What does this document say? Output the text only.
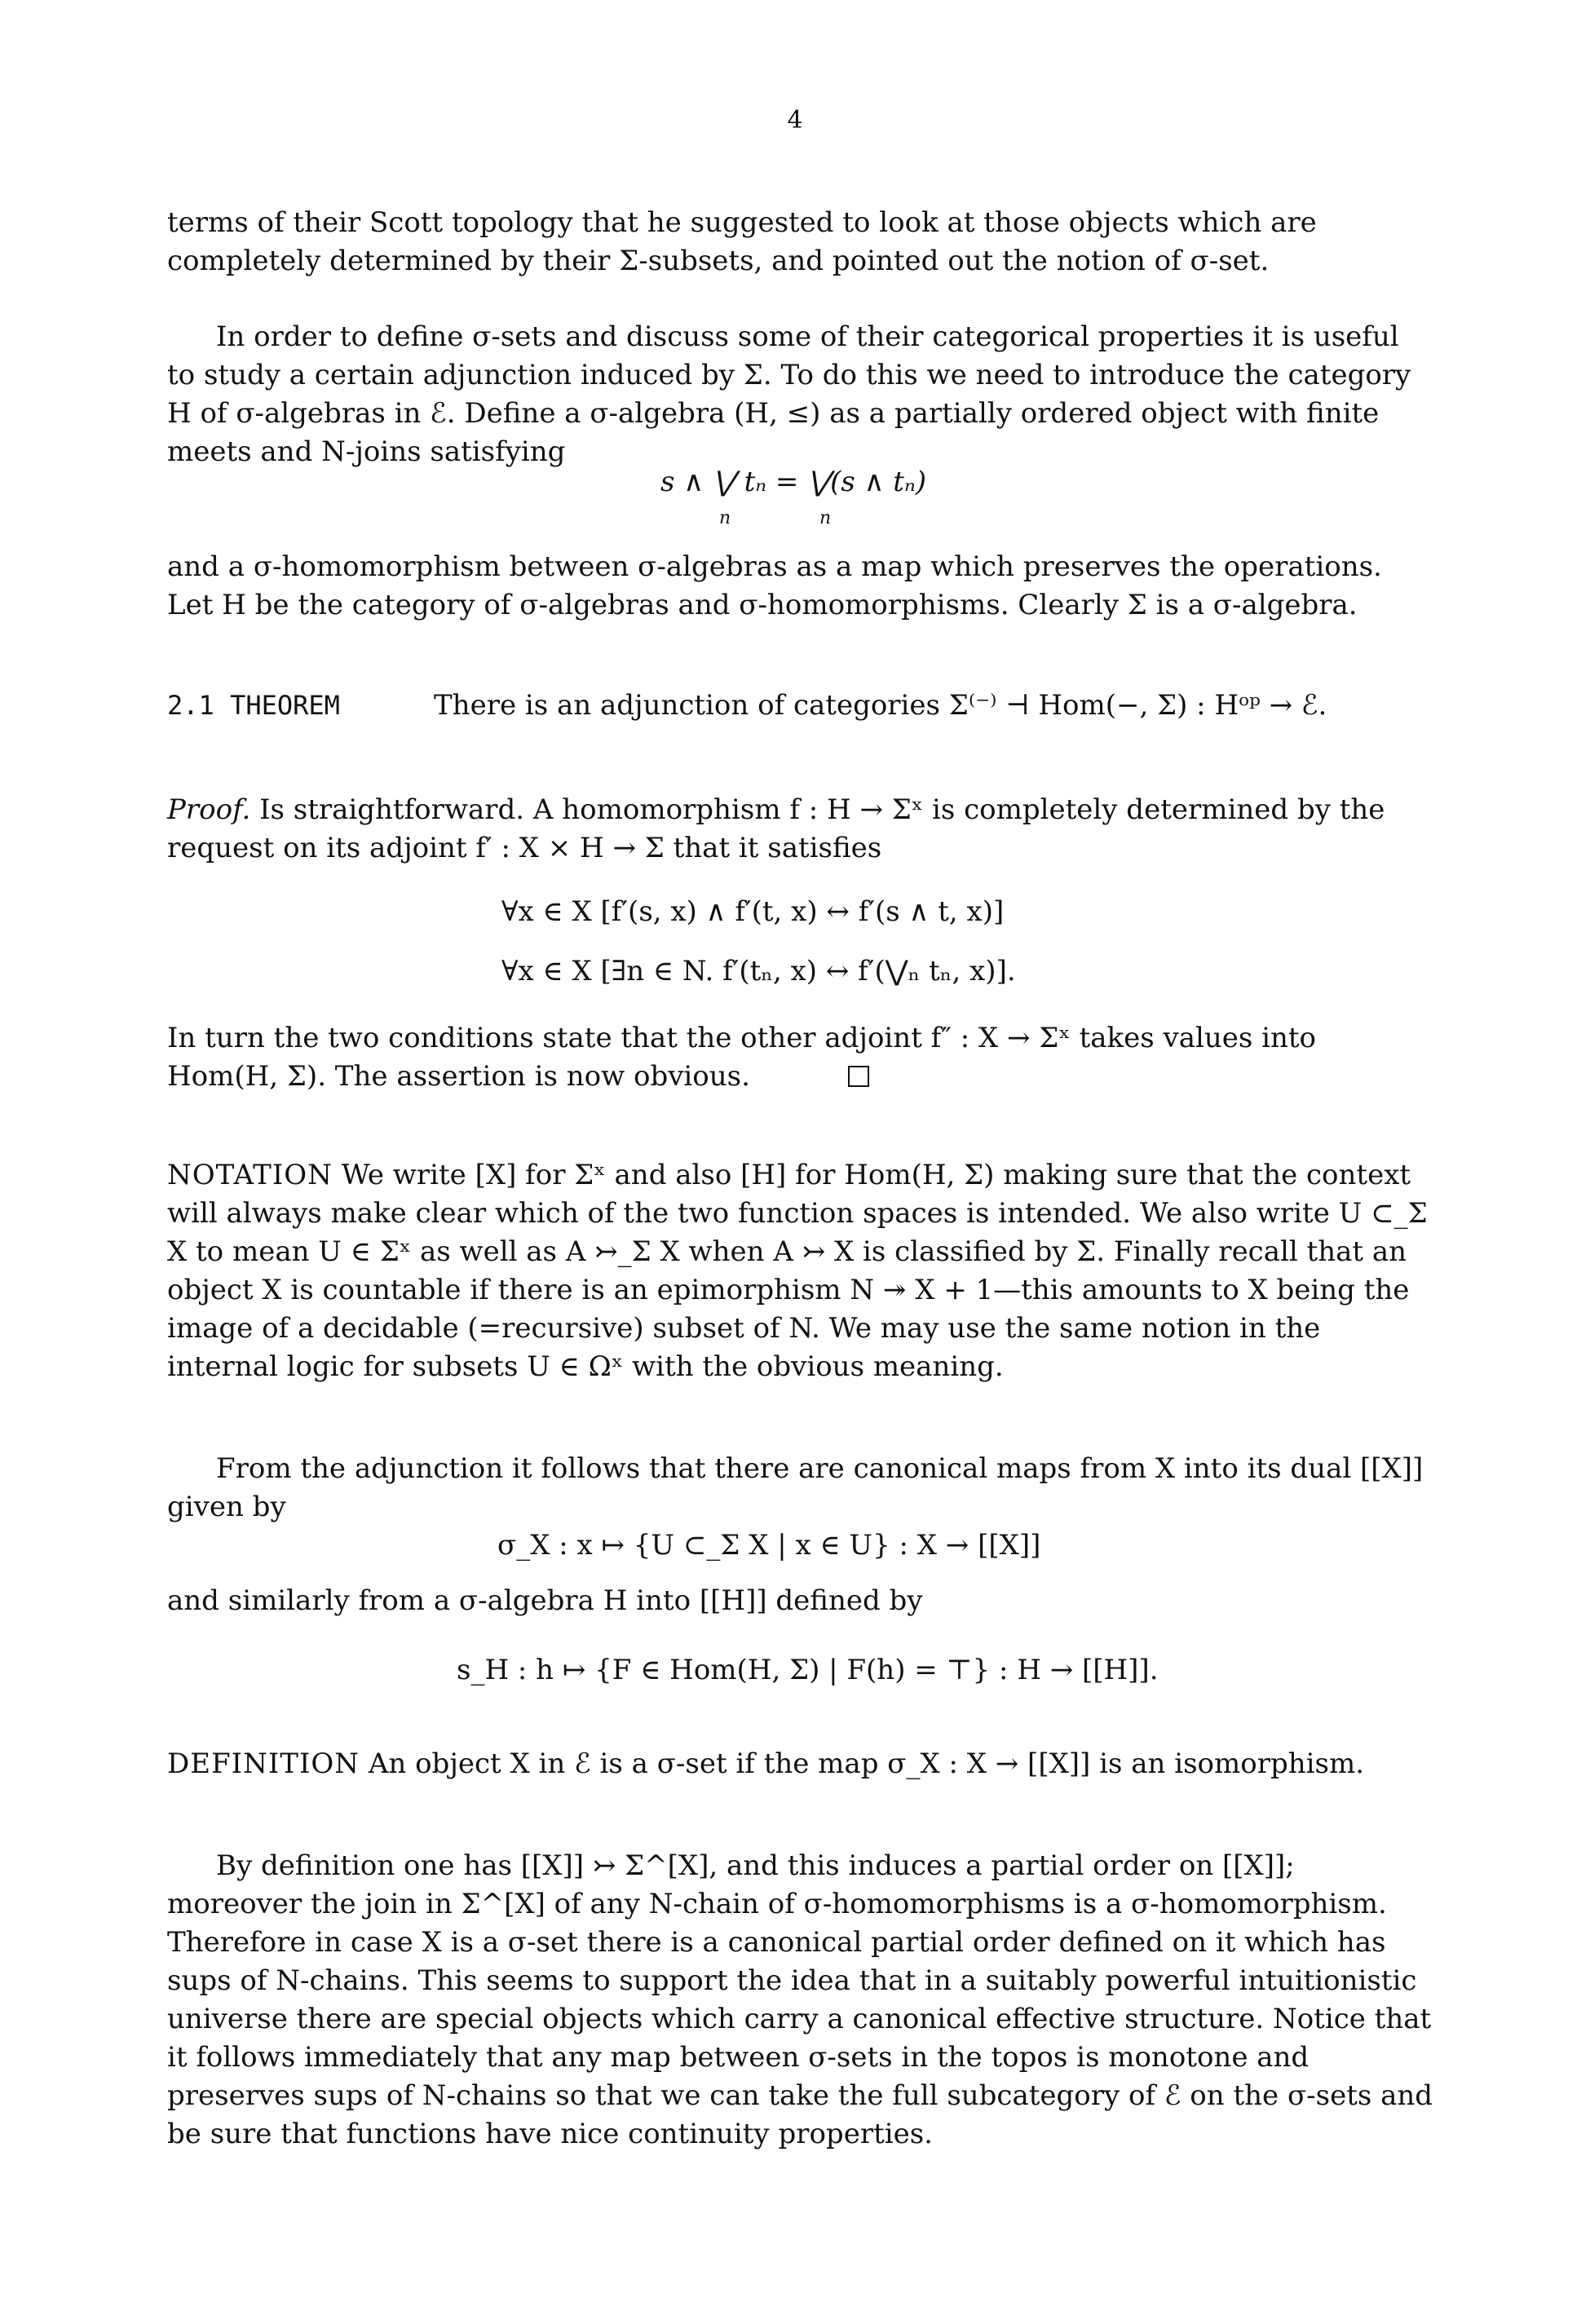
4
terms of their Scott topology that he suggested to look at those objects which are completely determined by their Σ-subsets, and pointed out the notion of σ-set.
In order to define σ-sets and discuss some of their categorical properties it is useful to study a certain adjunction induced by Σ. To do this we need to introduce the category H of σ-algebras in ℰ. Define a σ-algebra (H, ≤) as a partially ordered object with finite meets and N-joins satisfying
s ∧ ⋁ tₙ = ⋁(s ∧ tₙ)
n	n
and a σ-homomorphism between σ-algebras as a map which preserves the operations. Let H be the category of σ-algebras and σ-homomorphisms. Clearly Σ is a σ-algebra.
2.1 THEOREM	There is an adjunction of categories Σ⁽⁻⁾ ⊣ Hom(−, Σ) : Hᵒᵖ → ℰ.
Proof. Is straightforward. A homomorphism f : H → Σˣ is completely determined by the request on its adjoint f′ : X × H → Σ that it satisfies
∀x ∈ X [f′(s, x) ∧ f′(t, x) ↔ f′(s ∧ t, x)]
∀x ∈ X [∃n ∈ N. f′(tₙ, x) ↔ f′(⋁ₙ tₙ, x)].
In turn the two conditions state that the other adjoint f″ : X → Σˣ takes values into Hom(H, Σ). The assertion is now obvious.
NOTATION We write [X] for Σˣ and also [H] for Hom(H, Σ) making sure that the context will always make clear which of the two function spaces is intended. We also write U ⊂_Σ X to mean U ∈ Σˣ as well as A ↣_Σ X when A ↣ X is classified by Σ. Finally recall that an object X is countable if there is an epimorphism N ↠ X + 1—this amounts to X being the image of a decidable (=recursive) subset of N. We may use the same notion in the internal logic for subsets U ∈ Ωˣ with the obvious meaning.
From the adjunction it follows that there are canonical maps from X into its dual [[X]] given by
σ_X : x ↦ {U ⊂_Σ X | x ∈ U} : X → [[X]]
and similarly from a σ-algebra H into [[H]] defined by
s_H : h ↦ {F ∈ Hom(H, Σ) | F(h) = ⊤} : H → [[H]].
DEFINITION An object X in ℰ is a σ-set if the map σ_X : X → [[X]] is an isomorphism.
By definition one has [[X]] ↣ Σ^[X], and this induces a partial order on [[X]]; moreover the join in Σ^[X] of any N-chain of σ-homomorphisms is a σ-homomorphism. Therefore in case X is a σ-set there is a canonical partial order defined on it which has sups of N-chains. This seems to support the idea that in a suitably powerful intuitionistic universe there are special objects which carry a canonical effective structure. Notice that it follows immediately that any map between σ-sets in the topos is monotone and preserves sups of N-chains so that we can take the full subcategory of ℰ on the σ-sets and be sure that functions have nice continuity properties.
